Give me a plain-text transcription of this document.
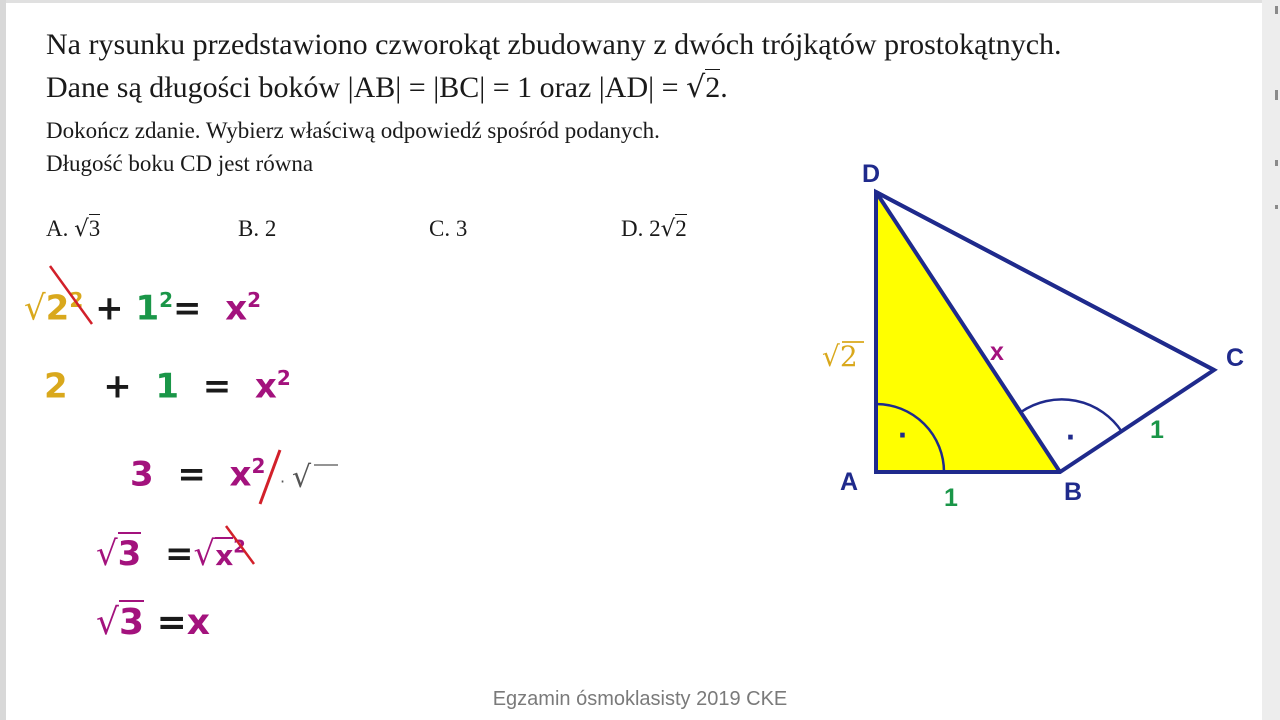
Na rysunku przedstawiono czworokąt zbudowany z dwóch trójkątów prostokątnych.
Dane są długości boków |AB| = |BC| = 1 oraz |AD| = √2.
Dokończ zdanie. Wybierz właściwą odpowiedź spośród podanych.
Długość boku CD jest równa
A. √3	B. 2	C. 3	D. 2√2
$√2^2 + 1^2= x^2$
$2 + 1 = x^2$
$3 = x^2$
· √
$√3 =√x^2$
√3 =x
·	·
D
C
A	B
√2
1
1
x
Egzamin ósmoklasisty 2019 CKE
